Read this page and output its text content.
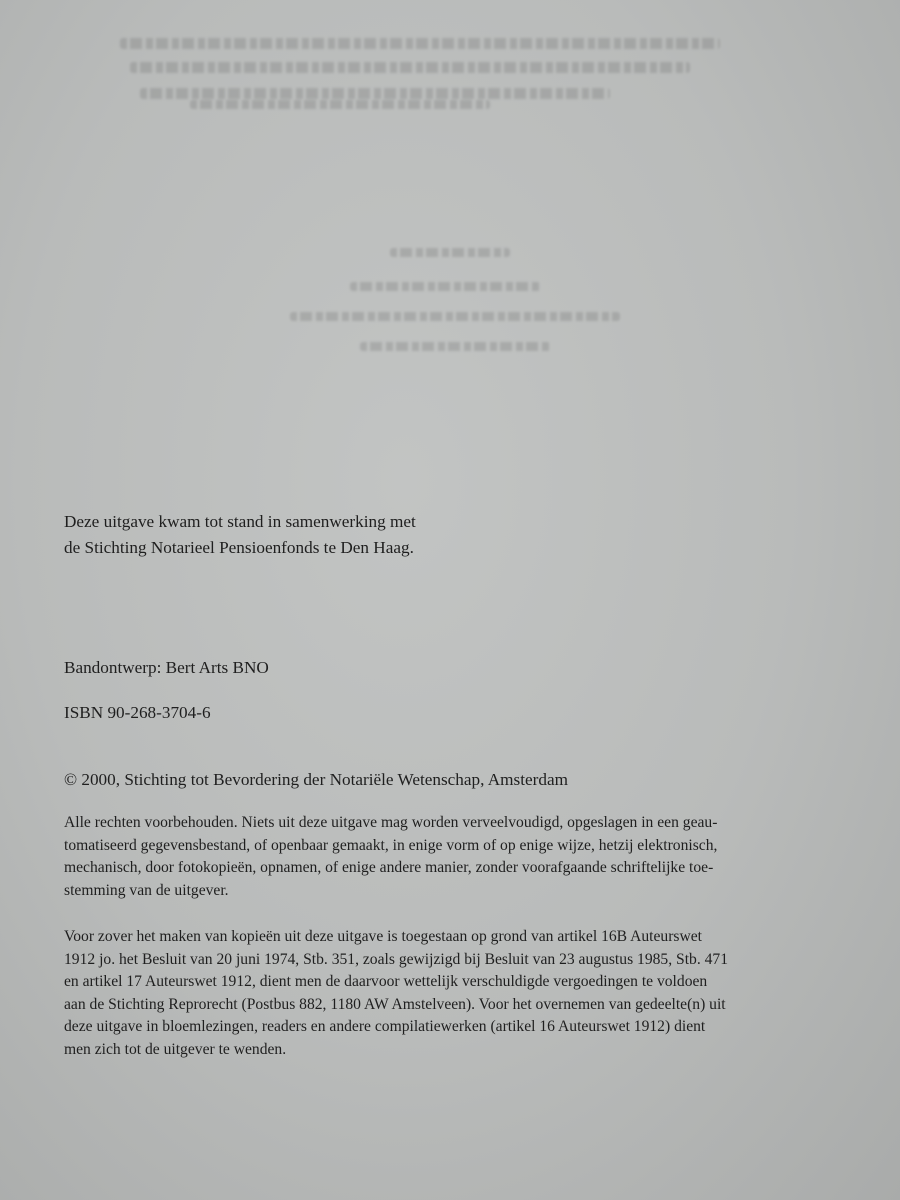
Deze uitgave kwam tot stand in samenwerking met
de Stichting Notarieel Pensioenfonds te Den Haag.

Bandontwerp: Bert Arts BNO

ISBN 90-268-3704-6

© 2000, Stichting tot Bevordering der Notariële Wetenschap, Amsterdam

Alle rechten voorbehouden. Niets uit deze uitgave mag worden verveelvoudigd, opgeslagen in een geau-
tomatiseerd gegevensbestand, of openbaar gemaakt, in enige vorm of op enige wijze, hetzij elektronisch,
mechanisch, door fotokopieën, opnamen, of enige andere manier, zonder voorafgaande schriftelijke toe-
stemming van de uitgever.

Voor zover het maken van kopieën uit deze uitgave is toegestaan op grond van artikel 16B Auteurswet
1912 jo. het Besluit van 20 juni 1974, Stb. 351, zoals gewijzigd bij Besluit van 23 augustus 1985, Stb. 471
en artikel 17 Auteurswet 1912, dient men de daarvoor wettelijk verschuldigde vergoedingen te voldoen
aan de Stichting Reprorecht (Postbus 882, 1180 AW Amstelveen). Voor het overnemen van gedeelte(n) uit
deze uitgave in bloemlezingen, readers en andere compilatiewerken (artikel 16 Auteurswet 1912) dient
men zich tot de uitgever te wenden.
